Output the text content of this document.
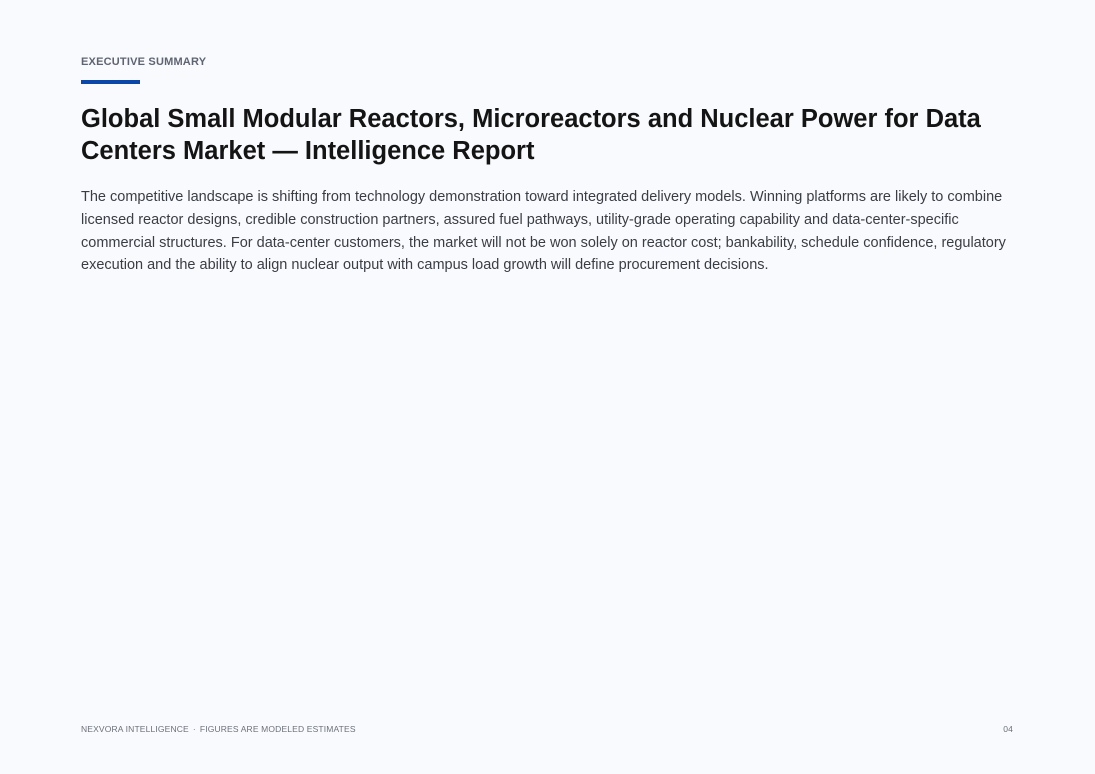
EXECUTIVE SUMMARY
Global Small Modular Reactors, Microreactors and Nuclear Power for Data Centers Market — Intelligence Report

The competitive landscape is shifting from technology demonstration toward integrated delivery models. Winning platforms are likely to combine licensed reactor designs, credible construction partners, assured fuel pathways, utility-grade operating capability and data-center-specific commercial structures. For data-center customers, the market will not be won solely on reactor cost; bankability, schedule confidence, regulatory execution and the ability to align nuclear output with campus load growth will define procurement decisions.

NEXVORA INTELLIGENCE · FIGURES ARE MODELED ESTIMATES	04
